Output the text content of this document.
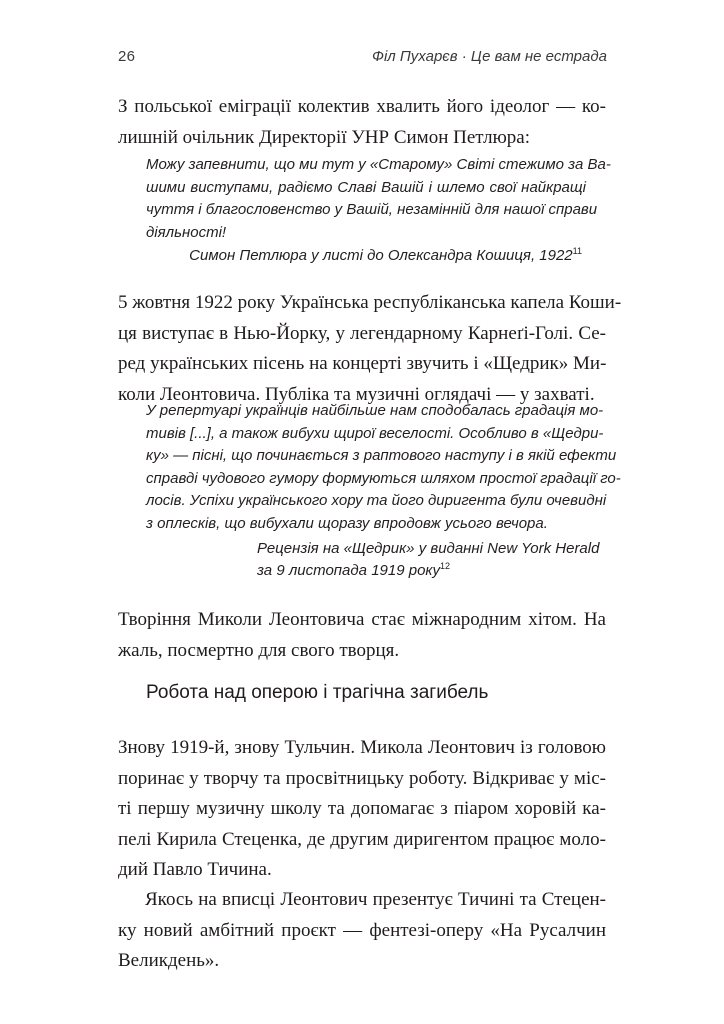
26	Філ Пухарєв · Це вам не естрада
З польської еміграції колектив хвалить його ідеолог — ко-
лишній очільник Директорії УНР Симон Петлюра:
Можу запевнити, що ми тут у «Старому» Світі стежимо за Ва-
шими виступами, радіємо Славі Вашій і шлемо свої найкращі
чуття і благословенство у Вашій, незамінній для нашої справи
діяльності!
Симон Петлюра у листі до Олександра Кошиця, 1922$^{11}$
5 жовтня 1922 року Українська республіканська капела Коши-
ця виступає в Нью-Йорку, у легендарному Карнеґі-Голі. Се-
ред українських пісень на концерті звучить і «Щедрик» Ми-
коли Леонтовича. Публіка та музичні оглядачі — у захваті.
У репертуарі українців найбільше нам сподобалась градація мо-
тивів [...], а також вибухи щирої веселості. Особливо в «Щедри-
ку» — пісні, що починається з раптового наступу і в якій ефекти
справді чудового гумору формуються шляхом простої градації го-
лосів. Успіхи українського хору та його диригента були очевидні
з оплесків, що вибухали щоразу впродовж усього вечора.
Рецензія на «Щедрик» у виданні New York Herald
за 9 листопада 1919 року$^{12}$
Творіння Миколи Леонтовича стає міжнародним хітом. На
жаль, посмертно для свого творця.
Робота над оперою і трагічна загибель
Знову 1919-й, знову Тульчин. Микола Леонтович із головою
поринає у творчу та просвітницьку роботу. Відкриває у міс-
ті першу музичну школу та допомагає з піаром хоровій ка-
пелі Кирила Стеценка, де другим диригентом працює моло-
дий Павло Тичина.
Якось на вписці Леонтович презентує Тичині та Стецен-
ку новий амбітний проєкт — фентезі-оперу «На Русалчин
Великдень».
